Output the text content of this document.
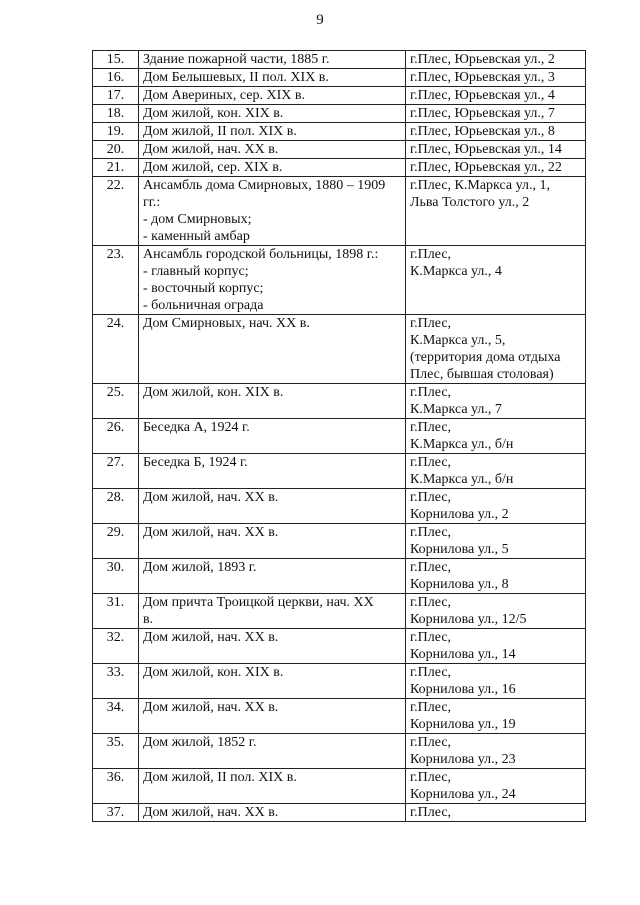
9
15.	Здание пожарной части, 1885 г.	г.Плес, Юрьевская ул., 2
16.	Дом Белышевых, II пол. XIX в.	г.Плес, Юрьевская ул., 3
17.	Дом Авериных, сер. XIX в.	г.Плес, Юрьевская ул., 4
18.	Дом жилой, кон. XIX в.	г.Плес, Юрьевская ул., 7
19.	Дом жилой, II пол. XIX в.	г.Плес, Юрьевская ул., 8
20.	Дом жилой, нач. XX в.	г.Плес, Юрьевская ул., 14
21.	Дом жилой, сер. XIX в.	г.Плес, Юрьевская ул., 22
22.	Ансамбль дома Смирновых, 1880 – 1909
гг.:
- дом Смирновых;
- каменный амбар	г.Плес, К.Маркса ул., 1,
Льва Толстого ул., 2
23.	Ансамбль городской больницы, 1898 г.:
- главный корпус;
- восточный корпус;
- больничная ограда	г.Плес,
К.Маркса ул., 4
24.	Дом Смирновых, нач. XX в.	г.Плес,
К.Маркса ул., 5,
(территория дома отдыха
Плес, бывшая столовая)
25.	Дом жилой, кон. XIX в.	г.Плес,
К.Маркса ул., 7
26.	Беседка А, 1924 г.	г.Плес,
К.Маркса ул., б/н
27.	Беседка Б, 1924 г.	г.Плес,
К.Маркса ул., б/н
28.	Дом жилой, нач. XX в.	г.Плес,
Корнилова ул., 2
29.	Дом жилой, нач. XX в.	г.Плес,
Корнилова ул., 5
30.	Дом жилой, 1893 г.	г.Плес,
Корнилова ул., 8
31.	Дом причта Троицкой церкви, нач. XX
в.	г.Плес,
Корнилова ул., 12/5
32.	Дом жилой, нач. XX в.	г.Плес,
Корнилова ул., 14
33.	Дом жилой, кон. XIX в.	г.Плес,
Корнилова ул., 16
34.	Дом жилой, нач. XX в.	г.Плес,
Корнилова ул., 19
35.	Дом жилой, 1852 г.	г.Плес,
Корнилова ул., 23
36.	Дом жилой, II пол. XIX в.	г.Плес,
Корнилова ул., 24
37.	Дом жилой, нач. XX в.	г.Плес,
